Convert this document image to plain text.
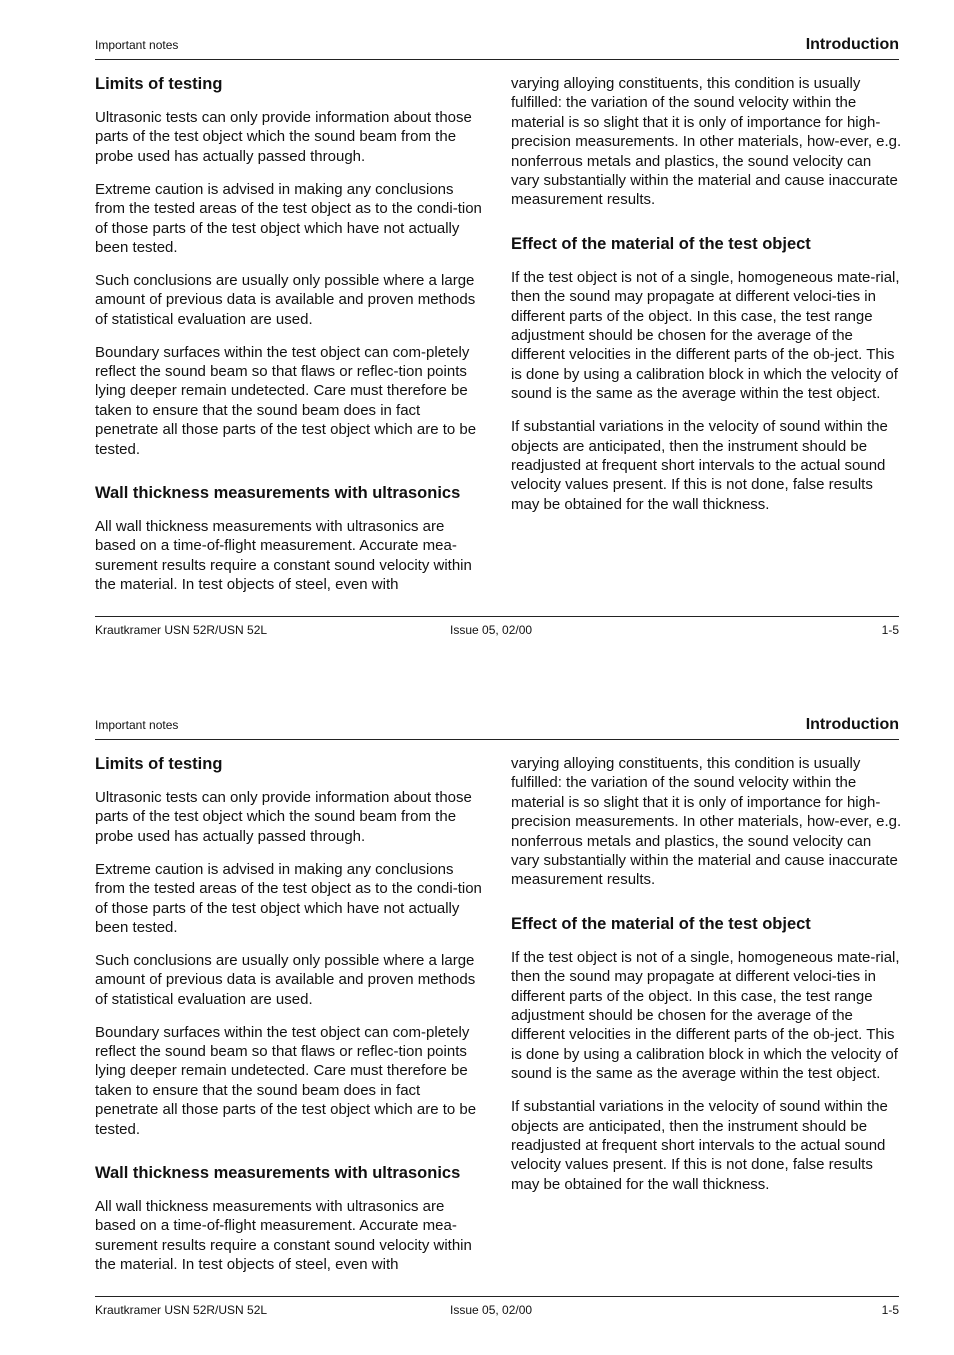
Important notes	Introduction
Limits of testing

Ultrasonic tests can only provide information about those parts of the test object which the sound beam from the probe used has actually passed through.

Extreme caution is advised in making any conclusions from the tested areas of the test object as to the condi-tion of those parts of the test object which have not actually been tested.

Such conclusions are usually only possible where a large amount of previous data is available and proven methods of statistical evaluation are used.

Boundary surfaces within the test object can com-pletely reflect the sound beam so that flaws or reflec-tion points lying deeper remain undetected. Care must therefore be taken to ensure that the sound beam does in fact penetrate all those parts of the test object which are to be tested.

Wall thickness measurements with ultrasonics

All wall thickness measurements with ultrasonics are based on a time-of-flight measurement. Accurate mea-surement results require a constant sound velocity within the material. In test objects of steel, even with

varying alloying constituents, this condition is usually fulfilled: the variation of the sound velocity within the material is so slight that it is only of importance for high-precision measurements. In other materials, how-ever, e.g. nonferrous metals and plastics, the sound velocity can vary substantially within the material and cause inaccurate measurement results.

Effect of the material of the test object

If the test object is not of a single, homogeneous mate-rial, then the sound may propagate at different veloci-ties in different parts of the object. In this case, the test range adjustment should be chosen for the average of the different velocities in the different parts of the ob-ject. This is done by using a calibration block in which the velocity of sound is the same as the average within the test object.

If substantial variations in the velocity of sound within the objects are anticipated, then the instrument should be readjusted at frequent short intervals to the actual sound velocity values present. If this is not done, false results may be obtained for the wall thickness.

Krautkramer USN 52R/USN 52L	Issue 05, 02/00	1-5
Important notes	Introduction
Limits of testing

Ultrasonic tests can only provide information about those parts of the test object which the sound beam from the probe used has actually passed through.

Extreme caution is advised in making any conclusions from the tested areas of the test object as to the condi-tion of those parts of the test object which have not actually been tested.

Such conclusions are usually only possible where a large amount of previous data is available and proven methods of statistical evaluation are used.

Boundary surfaces within the test object can com-pletely reflect the sound beam so that flaws or reflec-tion points lying deeper remain undetected. Care must therefore be taken to ensure that the sound beam does in fact penetrate all those parts of the test object which are to be tested.

Wall thickness measurements with ultrasonics

All wall thickness measurements with ultrasonics are based on a time-of-flight measurement. Accurate mea-surement results require a constant sound velocity within the material. In test objects of steel, even with

varying alloying constituents, this condition is usually fulfilled: the variation of the sound velocity within the material is so slight that it is only of importance for high-precision measurements. In other materials, how-ever, e.g. nonferrous metals and plastics, the sound velocity can vary substantially within the material and cause inaccurate measurement results.

Effect of the material of the test object

If the test object is not of a single, homogeneous mate-rial, then the sound may propagate at different veloci-ties in different parts of the object. In this case, the test range adjustment should be chosen for the average of the different velocities in the different parts of the ob-ject. This is done by using a calibration block in which the velocity of sound is the same as the average within the test object.

If substantial variations in the velocity of sound within the objects are anticipated, then the instrument should be readjusted at frequent short intervals to the actual sound velocity values present. If this is not done, false results may be obtained for the wall thickness.

Krautkramer USN 52R/USN 52L	Issue 05, 02/00	1-5
